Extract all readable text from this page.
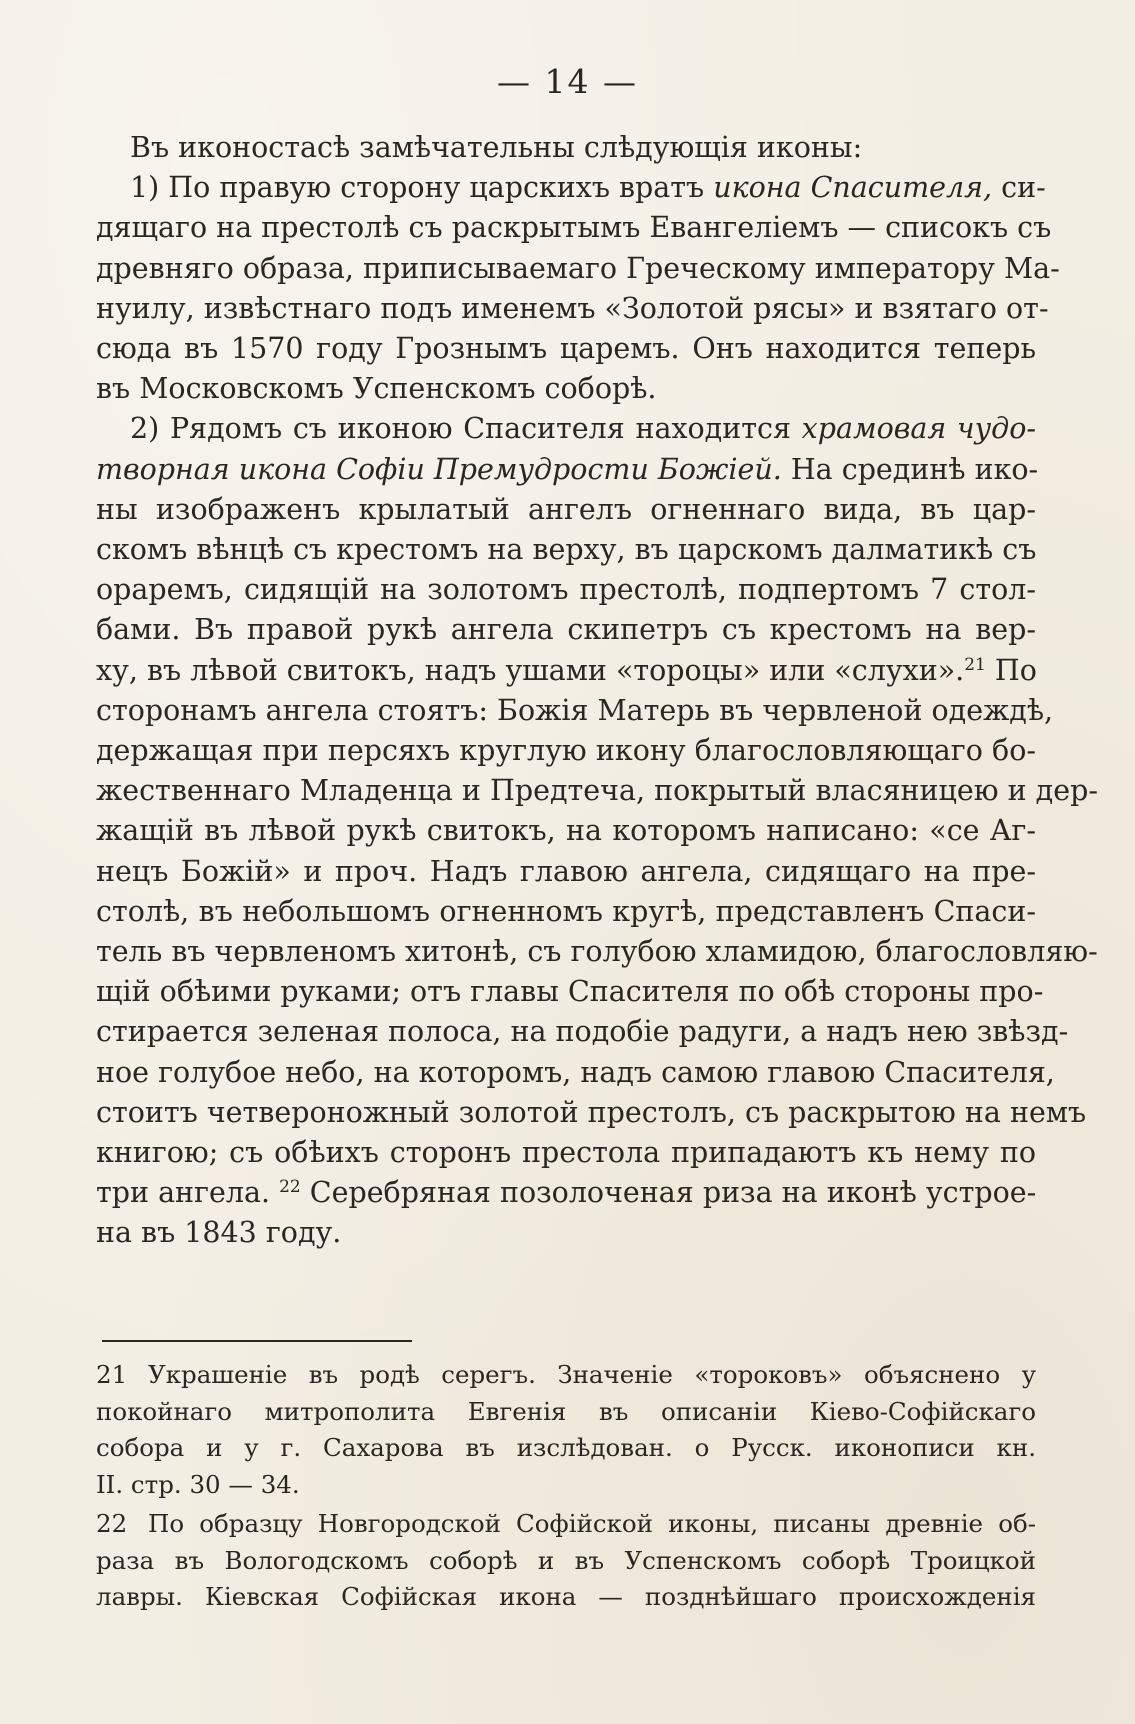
— 14 —
Въ иконостасѣ замѣчательны слѣдующія иконы:
1) По правую сторону царскихъ вратъ икона Спасителя, си-
дящаго на престолѣ съ раскрытымъ Евангеліемъ — списокъ съ
древняго образа, приписываемаго Греческому императору Ма-
нуилу, извѣстнаго подъ именемъ «Золотой рясы» и взятаго от-
сюда въ 1570 году Грознымъ царемъ. Онъ находится теперь
въ Московскомъ Успенскомъ соборѣ.
2) Рядомъ съ иконою Спасителя находится храмовая чудо-
творная икона Софіи Премудрости Божіей. На срединѣ ико-
ны изображенъ крылатый ангелъ огненнаго вида, въ цар-
скомъ вѣнцѣ съ крестомъ на верху, въ царскомъ далматикѣ съ
ораремъ, сидящій на золотомъ престолѣ, подпертомъ 7 стол-
бами. Въ правой рукѣ ангела скипетръ съ крестомъ на вер-
ху, въ лѣвой свитокъ, надъ ушами «тороцы» или «слухи».$^{21}$ По
сторонамъ ангела стоятъ: Божія Матерь въ червленой одеждѣ,
держащая при персяхъ круглую икону благословляющаго бо-
жественнаго Младенца и Предтеча, покрытый власяницею и дер-
жащій въ лѣвой рукѣ свитокъ, на которомъ написано: «се Аг-
нецъ Божій» и проч. Надъ главою ангела, сидящаго на пре-
столѣ, въ небольшомъ огненномъ кругѣ, представленъ Спаси-
тель въ червленомъ хитонѣ, съ голубою хламидою, благословляю-
щій обѣими руками; отъ главы Спасителя по обѣ стороны про-
стирается зеленая полоса, на подобіе радуги, а надъ нею звѣзд-
ное голубое небо, на которомъ, надъ самою главою Спасителя,
стоитъ четвероножный золотой престолъ, съ раскрытою на немъ
книгою; съ обѣихъ сторонъ престола припадаютъ къ нему по
три ангела. $^{22}$ Серебряная позолоченая риза на иконѣ устроe-
на въ 1843 году.
21 Украшеніе въ родѣ серегъ. Значеніе «тороковъ» объяснено у
покойнаго митрополита Евгенія въ описаніи Кіево-Софійскаго
собора и у г. Сахарова въ изслѣдован. о Русск. иконописи кн.
II. стр. 30 — 34.
22 По образцу Новгородской Софійской иконы, писаны древніе об-
раза въ Вологодскомъ соборѣ и въ Успенскомъ соборѣ Троицкой
лавры. Кіевская Софійская икона — позднѣйшаго происхожденія
